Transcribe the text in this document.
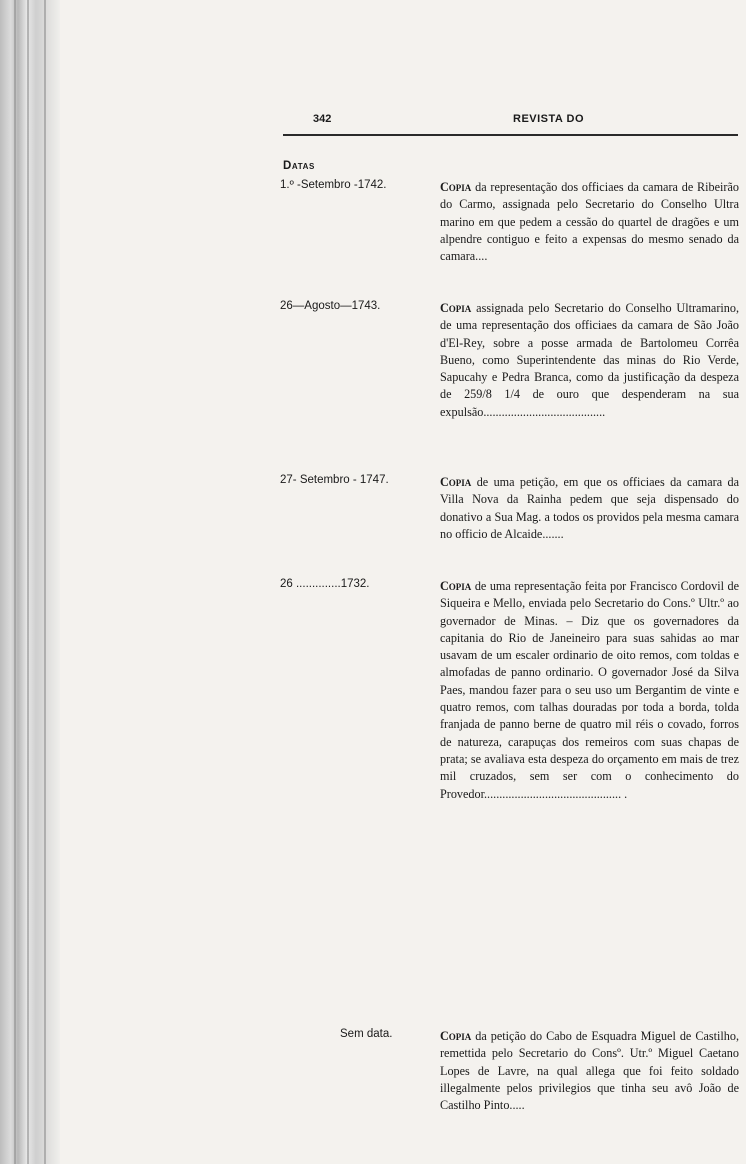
342	REVISTA DO
Datas
1.º -Setembro -1742.	Copia da representação dos officiaes da camara de Ribeirão do Carmo, assignada pelo Secretario do Conselho Ultra marino em que pedem a cessão do quartel de dragões e um alpendre contiguo e feito a expensas do mesmo senado da camara....
26—Agosto—1743.	Copia assignada pelo Secretario do Conselho Ultramarino, de uma representação dos officiaes da camara de São João d'El-Rey, sobre a posse armada de Bartolomeu Corrêa Bueno, como Superintendente das minas do Rio Verde, Sapucahy e Pedra Branca, como da justificação da despeza de 259/8 1/4 de ouro que despenderam na sua expulsão........................................
27- Setembro - 1747.	Copia de uma petição, em que os officiaes da camara da Villa Nova da Rainha pedem que seja dispensado do donativo a Sua Mag. a todos os providos pela mesma camara no officio de Alcaide.......
26 ..............1732.	Copia de uma representação feita por Francisco Cordovil de Siqueira e Mello, enviada pelo Secretario do Cons.º Ultr.º ao governador de Minas. – Diz que os governadores da capitania do Rio de Janeineiro para suas sahidas ao mar usavam de um escaler ordinario de oito remos, com toldas e almofadas de panno ordinario. O governador José da Silva Paes, mandou fazer para o seu uso um Bergantim de vinte e quatro remos, com talhas douradas por toda a borda, tolda franjada de panno berne de quatro mil réis o covado, forros de natureza, carapuças dos remeiros com suas chapas de prata; se avaliava esta despeza do orçamento em mais de trez mil cruzados, sem ser com o conhecimento do Provedor............................................. .
Sem data.	Copia da petição do Cabo de Esquadra Miguel de Castilho, remettida pelo Secretario do Consº. Utr.º Miguel Caetano Lopes de Lavre, na qual allega que foi feito soldado illegalmente pelos privilegios que tinha seu avô João de Castilho Pinto.....
